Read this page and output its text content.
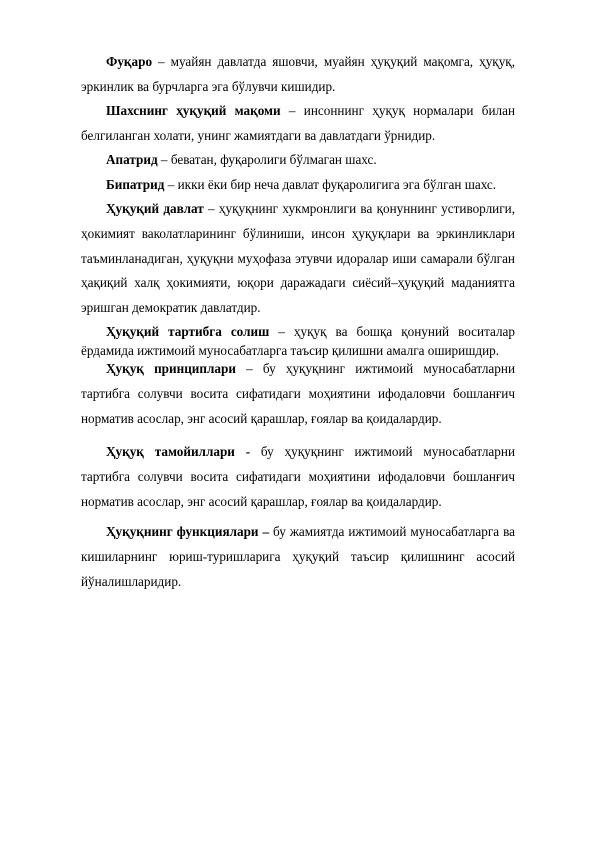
Фуқаро – муайян давлатда яшовчи, муайян ҳуқуқий мақомга, ҳуқуқ, эркинлик ва бурчларга эга бўлувчи кишидир.

Шахснинг ҳуқуқий мақоми – инсоннинг ҳуқуқ нормалари билан белгиланган холати, унинг жамиятдаги ва давлатдаги ўрнидир.

Апатрид – беватан, фуқаролиги бўлмаган шахс.

Бипатрид – икки ёки бир неча давлат фуқаролигига эга бўлган шахс.

Ҳуқуқий давлат – ҳуқуқнинг хукмронлиги ва қонуннинг устиворлиги, ҳокимият ваколатларининг бўлиниши, инсон ҳуқуқлари ва эркинликлари таъминланадиган, ҳуқуқни муҳофаза этувчи идоралар иши самарали бўлган ҳақиқий халқ ҳокимияти, юқори даражадаги сиёсий–ҳуқуқий маданиятга эришган демократик давлатдир.

Ҳуқуқий тартибга солиш – ҳуқуқ ва бошқа қонуний воситалар ёрдамида ижтимоий муносабатларга таъсир қилишни амалга оширишдир.

Ҳуқуқ принциплари – бу ҳуқуқнинг ижтимоий муносабатларни тартибга солувчи восита сифатидаги моҳиятини ифодаловчи бошланғич норматив асослар, энг асосий қарашлар, ғоялар ва қоидалардир.

Ҳуқуқ тамойиллари - бу ҳуқуқнинг ижтимоий муносабатларни тартибга солувчи восита сифатидаги моҳиятини ифодаловчи бошланғич норматив асослар, энг асосий қарашлар, ғоялар ва қоидалардир.

Ҳуқуқнинг функциялари – бу жамиятда ижтимоий муносабатларга ва кишиларнинг юриш-туришларига ҳуқуқий таъсир қилишнинг асосий йўналишларидир.
